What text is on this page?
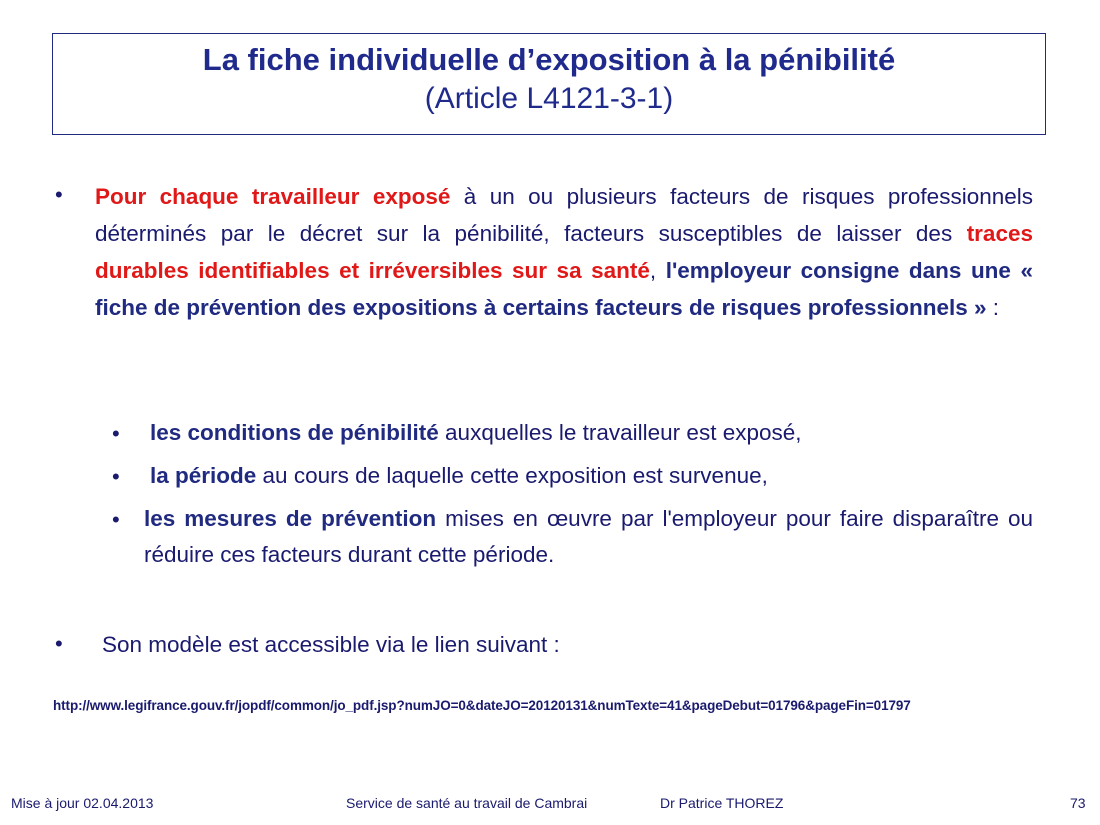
La fiche individuelle d’exposition à la pénibilité
(Article L4121-3-1)
• Pour chaque travailleur exposé à un ou plusieurs facteurs de risques professionnels déterminés par le décret sur la pénibilité, facteurs susceptibles de laisser des traces durables identifiables et irréversibles sur sa santé, l'employeur consigne dans une « fiche de prévention des expositions à certains facteurs de risques professionnels » :
• les conditions de pénibilité auxquelles le travailleur est exposé,
• la période au cours de laquelle cette exposition est survenue,
• les mesures de prévention mises en œuvre par l'employeur pour faire disparaître ou réduire ces facteurs durant cette période.
• Son modèle est accessible via le lien suivant :
http://www.legifrance.gouv.fr/jopdf/common/jo_pdf.jsp?numJO=0&dateJO=20120131&numTexte=41&pageDebut=01796&pageFin=01797
Mise à jour 02.04.2013	Service de santé au travail de Cambrai	Dr Patrice THOREZ	73
